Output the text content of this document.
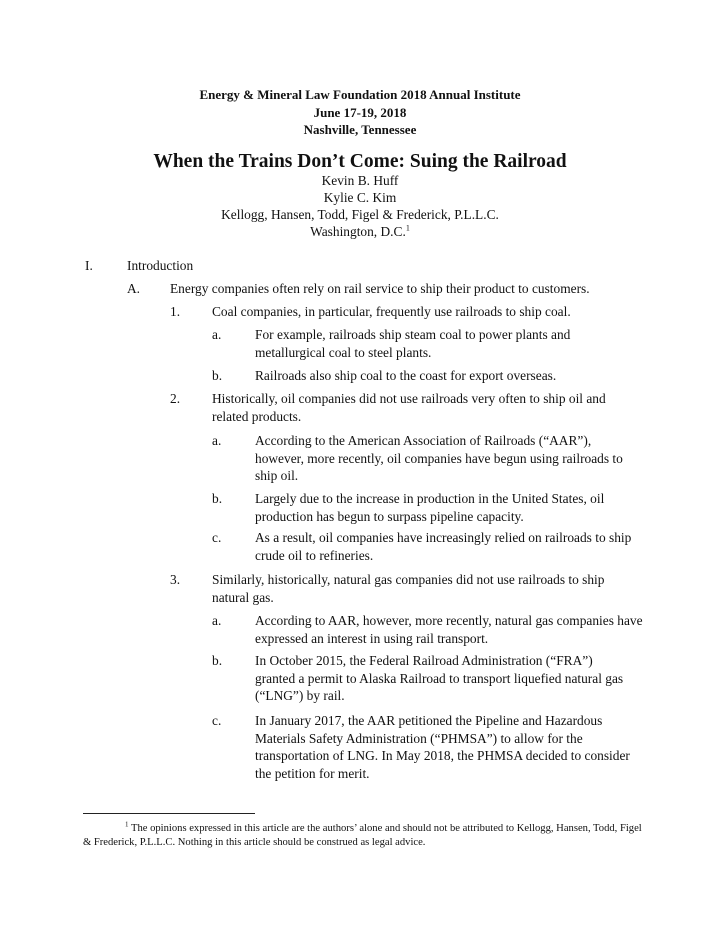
Energy & Mineral Law Foundation 2018 Annual Institute
June 17-19, 2018
Nashville, Tennessee
When the Trains Don’t Come: Suing the Railroad
Kevin B. Huff
Kylie C. Kim
Kellogg, Hansen, Todd, Figel & Frederick, P.L.L.C.
Washington, D.C.$^1$
I.	Introduction
A. Energy companies often rely on rail service to ship their product to customers.
1. Coal companies, in particular, frequently use railroads to ship coal.
a.	For example, railroads ship steam coal to power plants and metallurgical coal to steel plants.
b. Railroads also ship coal to the coast for export overseas.
2. Historically, oil companies did not use railroads very often to ship oil and related products.
a.	According to the American Association of Railroads (“AAR”), however, more recently, oil companies have begun using railroads to ship oil.
b. Largely due to the increase in production in the United States, oil production has begun to surpass pipeline capacity.
c.	As a result, oil companies have increasingly relied on railroads to ship crude oil to refineries.
3. Similarly, historically, natural gas companies did not use railroads to ship natural gas.
a.	According to AAR, however, more recently, natural gas companies have expressed an interest in using rail transport.
b. In October 2015, the Federal Railroad Administration (“FRA”) granted a permit to Alaska Railroad to transport liquefied natural gas (“LNG”) by rail.
c.	In January 2017, the AAR petitioned the Pipeline and Hazardous Materials Safety Administration (“PHMSA”) to allow for the transportation of LNG. In May 2018, the PHMSA decided to consider the petition for merit.
$^1$ The opinions expressed in this article are the authors’ alone and should not be attributed to Kellogg, Hansen, Todd, Figel & Frederick, P.L.L.C. Nothing in this article should be construed as legal advice.
